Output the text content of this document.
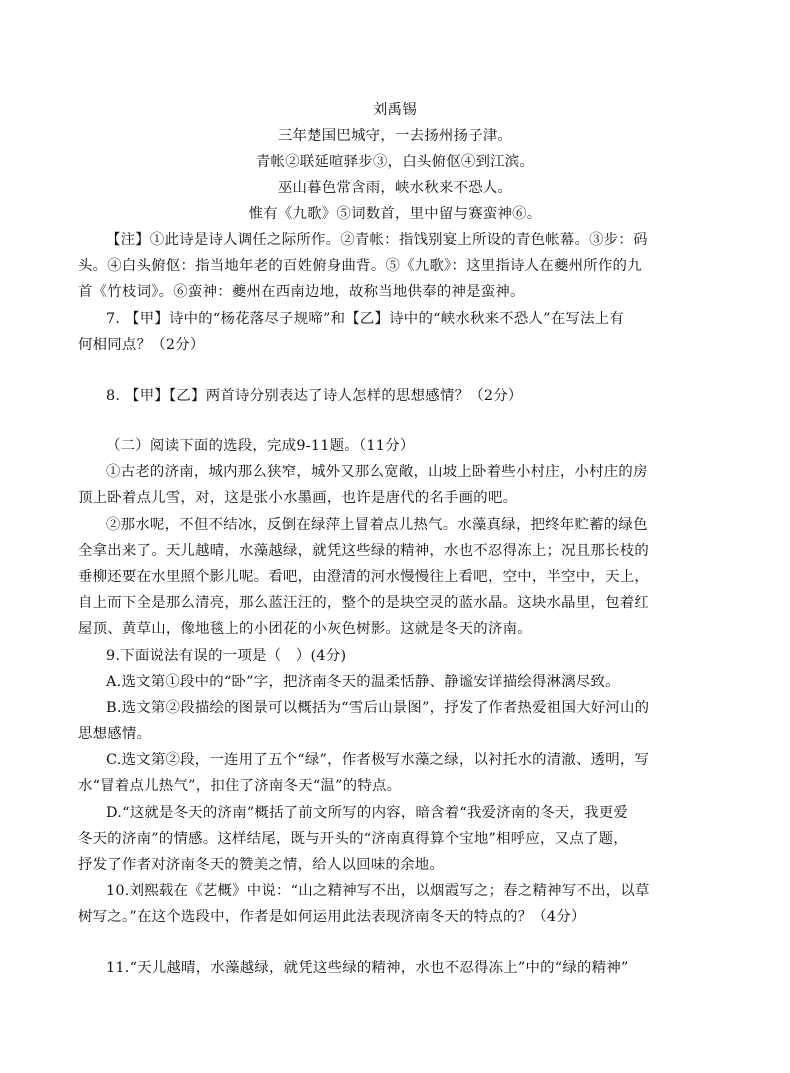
刘禹锡
三年楚国巴城守，一去扬州扬子津。
青帐②联延喧驿步③，白头俯伛④到江滨。
巫山暮色常含雨，峡水秋来不恐人。
惟有《九歌》⑤词数首，里中留与赛蛮神⑥。
【注】①此诗是诗人调任之际所作。②青帐：指饯别宴上所设的青色帐幕。③步：码
头。④白头俯伛：指当地年老的百姓俯身曲背。⑤《九歌》：这里指诗人在夔州所作的九
首《竹枝词》。⑥蛮神：夔州在西南边地，故称当地供奉的神是蛮神。
7. 【甲】诗中的“杨花落尽子规啼”和【乙】诗中的“峡水秋来不恐人”在写法上有
何相同点？（2分）
8. 【甲】【乙】两首诗分别表达了诗人怎样的思想感情？（2分）
（二）阅读下面的选段，完成9-11题。（11分）
①古老的济南，城内那么狭窄，城外又那么宽敞，山坡上卧着些小村庄，小村庄的房
顶上卧着点儿雪，对，这是张小水墨画，也许是唐代的名手画的吧。
②那水呢，不但不结冰，反倒在绿萍上冒着点儿热气。水藻真绿，把终年贮蓄的绿色
全拿出来了。天儿越晴，水藻越绿，就凭这些绿的精神，水也不忍得冻上；况且那长枝的
垂柳还要在水里照个影儿呢。看吧，由澄清的河水慢慢往上看吧，空中，半空中，天上，
自上而下全是那么清亮，那么蓝汪汪的，整个的是块空灵的蓝水晶。这块水晶里，包着红
屋顶、黄草山，像地毯上的小团花的小灰色树影。这就是冬天的济南。
9.下面说法有误的一项是（　）(4分)
A.选文第①段中的“卧”字，把济南冬天的温柔恬静、静谧安详描绘得淋漓尽致。
B.选文第②段描绘的图景可以概括为“雪后山景图”，抒发了作者热爱祖国大好河山的
思想感情。
C.选文第②段，一连用了五个“绿”，作者极写水藻之绿，以衬托水的清澈、透明，写
水“冒着点儿热气”，扣住了济南冬天“温”的特点。
D.“这就是冬天的济南”概括了前文所写的内容，暗含着“我爱济南的冬天，我更爱
冬天的济南”的情感。这样结尾，既与开头的“济南真得算个宝地”相呼应，又点了题，
抒发了作者对济南冬天的赞美之情，给人以回味的余地。
10.刘熙载在《艺概》中说：“山之精神写不出，以烟霞写之；春之精神写不出，以草
树写之。”在这个选段中，作者是如何运用此法表现济南冬天的特点的？（4分）
11.“天儿越晴，水藻越绿，就凭这些绿的精神，水也不忍得冻上”中的“绿的精神”
